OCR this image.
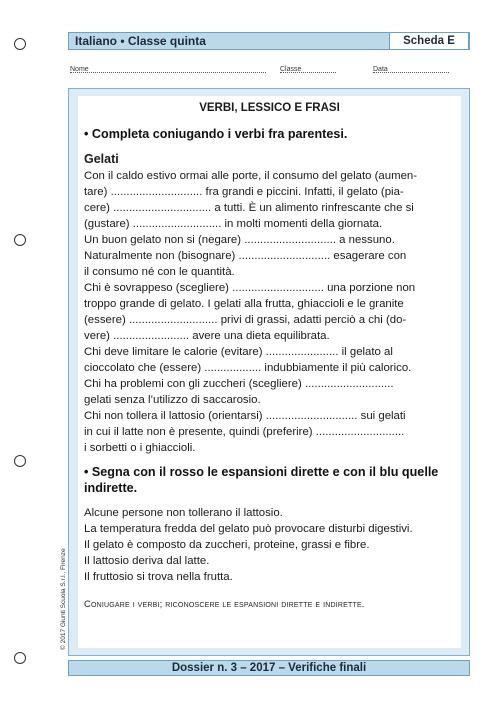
Italiano • Classe quinta	Scheda E
Nome	Classe	Data
VERBI, LESSICO E FRASI
• Completa coniugando i verbi fra parentesi.
Gelati
Con il caldo estivo ormai alle porte, il consumo del gelato (aumen-
tare) ............................. fra grandi e piccini. Infatti, il gelato (pia-
cere) ............................... a tutti. È un alimento rinfrescante che si
(gustare) ............................ in molti momenti della giornata.
Un buon gelato non si (negare) ............................. a nessuno.
Naturalmente non (bisognare) ............................. esagerare con
il consumo né con le quantità.
Chi è sovrappeso (scegliere) ............................. una porzione non
troppo grande di gelato. I gelati alla frutta, ghiaccioli e le granite
(essere) ............................ privi di grassi, adatti perciò a chi (do-
vere) ........................ avere una dieta equilibrata.
Chi deve limitare le calorie (evitare) ....................... il gelato al
cioccolato che (essere) .................. indubbiamente il più calorico.
Chi ha problemi con gli zuccheri (scegliere) ............................
gelati senza l’utilizzo di saccarosio.
Chi non tollera il lattosio (orientarsi) ............................. sui gelati
in cui il latte non è presente, quindi (preferire) ............................
i sorbetti o i ghiaccioli.
• Segna con il rosso le espansioni dirette e con il blu quelle
indirette.
Alcune persone non tollerano il lattosio.
La temperatura fredda del gelato può provocare disturbi digestivi.
Il gelato è composto da zuccheri, proteine, grassi e fibre.
Il lattosio deriva dal latte.
Il fruttosio si trova nella frutta.
Coniugare i verbi; riconoscere le espansioni dirette e indirette.
© 2017 Giunti Scuola S.r.l., Firenze
Dossier n. 3 – 2017 – Verifiche finali
